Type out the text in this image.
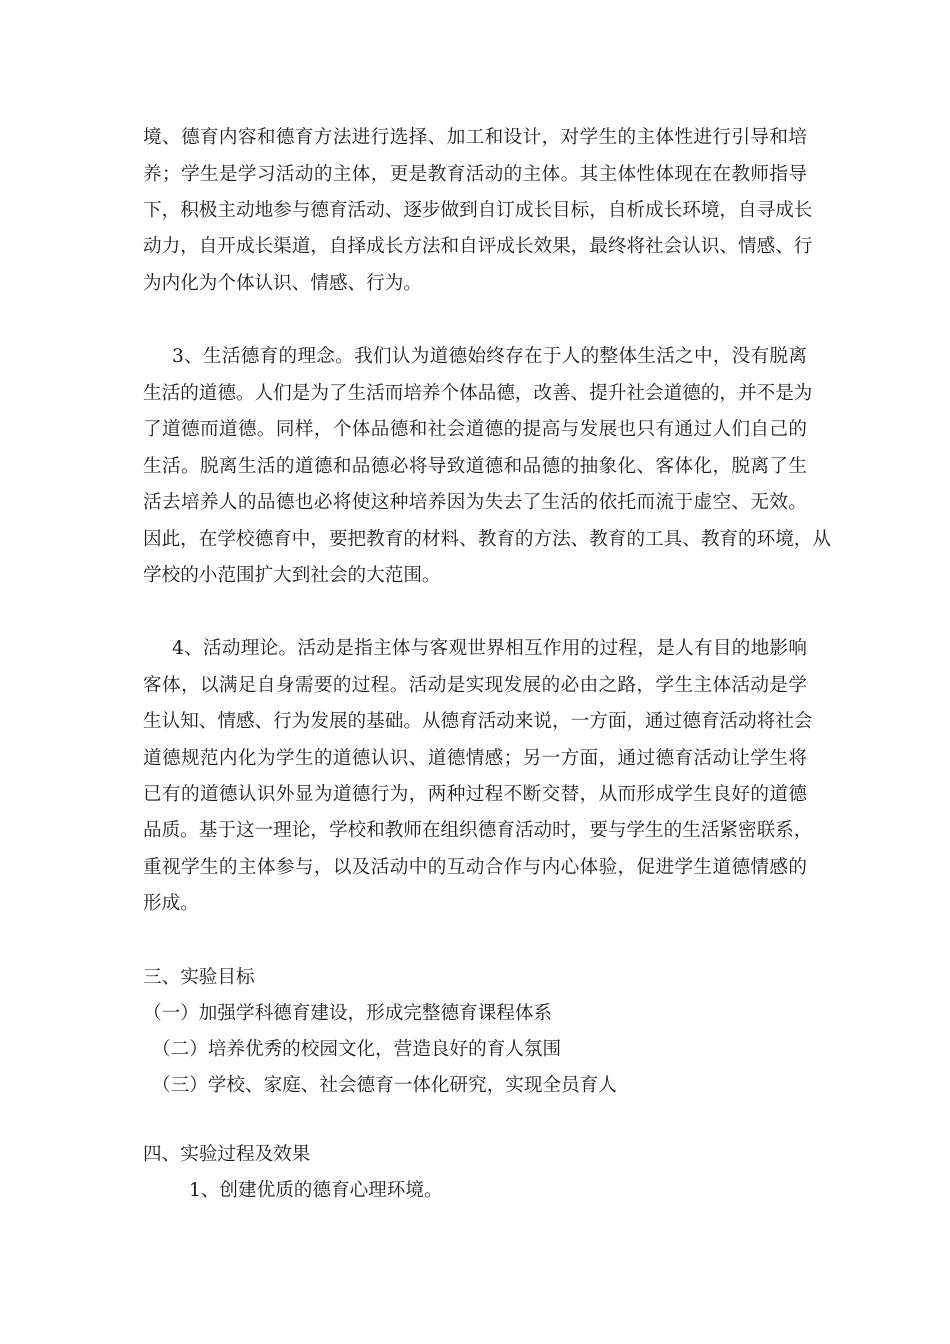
境、德育内容和德育方法进行选择、加工和设计，对学生的主体性进行引导和培
养；学生是学习活动的主体，更是教育活动的主体。其主体性体现在在教师指导
下，积极主动地参与德育活动、逐步做到自订成长目标，自析成长环境，自寻成长
动力，自开成长渠道，自择成长方法和自评成长效果，最终将社会认识、情感、行
为内化为个体认识、情感、行为。
3、生活德育的理念。我们认为道德始终存在于人的整体生活之中，没有脱离
生活的道德。人们是为了生活而培养个体品德，改善、提升社会道德的，并不是为
了道德而道德。同样，个体品德和社会道德的提高与发展也只有通过人们自己的
生活。脱离生活的道德和品德必将导致道德和品德的抽象化、客体化，脱离了生
活去培养人的品德也必将使这种培养因为失去了生活的依托而流于虚空、无效。
因此，在学校德育中，要把教育的材料、教育的方法、教育的工具、教育的环境，从
学校的小范围扩大到社会的大范围。
4、活动理论。活动是指主体与客观世界相互作用的过程，是人有目的地影响
客体，以满足自身需要的过程。活动是实现发展的必由之路，学生主体活动是学
生认知、情感、行为发展的基础。从德育活动来说，一方面，通过德育活动将社会
道德规范内化为学生的道德认识、道德情感；另一方面，通过德育活动让学生将
已有的道德认识外显为道德行为，两种过程不断交替，从而形成学生良好的道德
品质。基于这一理论，学校和教师在组织德育活动时，要与学生的生活紧密联系，
重视学生的主体参与，以及活动中的互动合作与内心体验，促进学生道德情感的
形成。
三、实验目标
（一）加强学科德育建设，形成完整德育课程体系
（二）培养优秀的校园文化，营造良好的育人氛围
（三）学校、家庭、社会德育一体化研究，实现全员育人
四、实验过程及效果
1、创建优质的德育心理环境。
